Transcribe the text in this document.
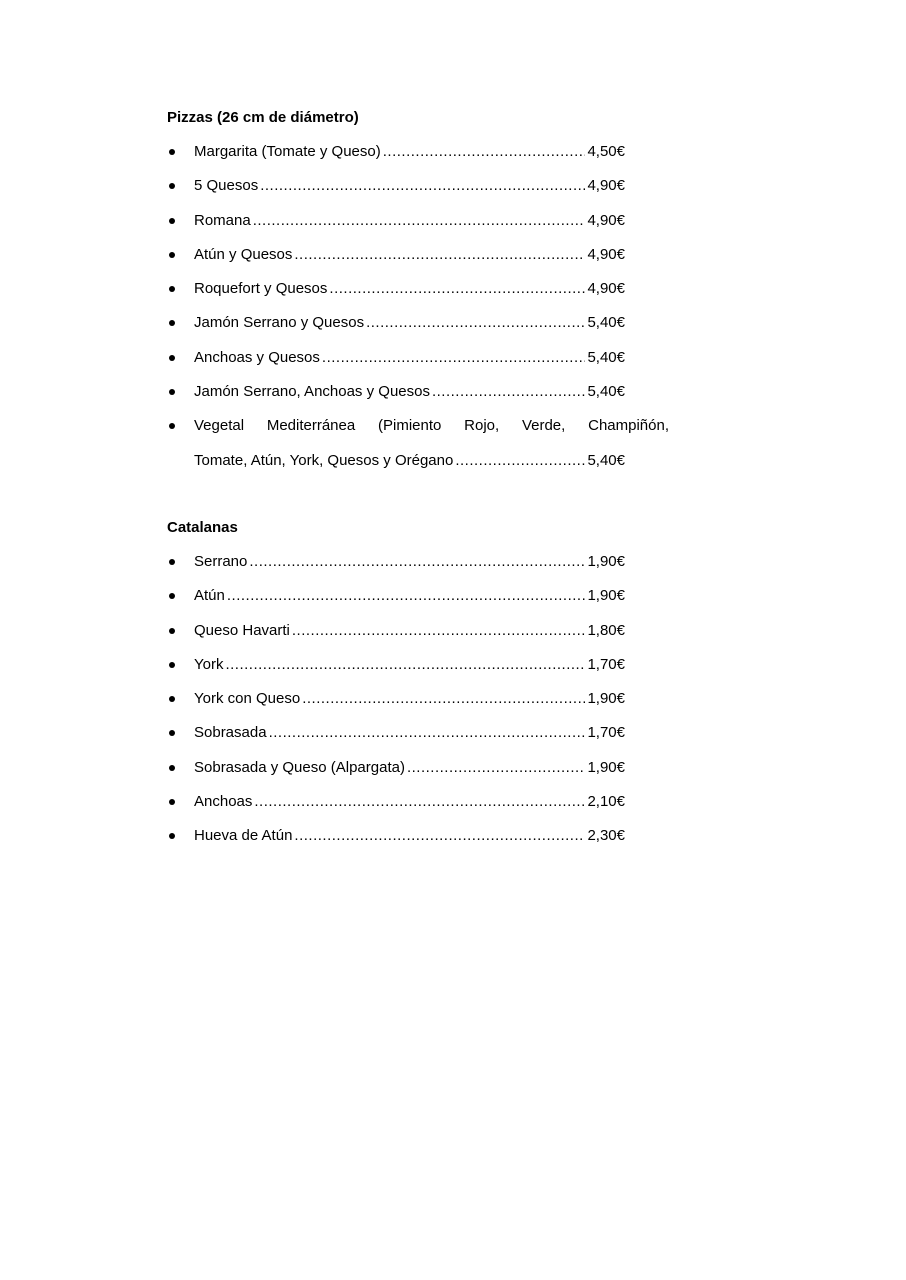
Pizzas (26 cm de diámetro)
Margarita (Tomate y Queso) .....	4,50€
5 Quesos .....	4,90€
Romana .....	4,90€
Atún y Quesos .....	4,90€
Roquefort y Quesos .....	4,90€
Jamón Serrano y Quesos .....	5,40€
Anchoas y Quesos .....	5,40€
Jamón Serrano, Anchoas y Quesos .....	5,40€
Vegetal Mediterránea (Pimiento Rojo, Verde, Champiñón,
Tomate, Atún, York, Quesos y Orégano .....	5,40€
Catalanas
Serrano .....	1,90€
Atún .....	1,90€
Queso Havarti .....	1,80€
York .....	1,70€
York con Queso .....	1,90€
Sobrasada .....	1,70€
Sobrasada y Queso (Alpargata) .....	1,90€
Anchoas .....	2,10€
Hueva de Atún .....	2,30€
